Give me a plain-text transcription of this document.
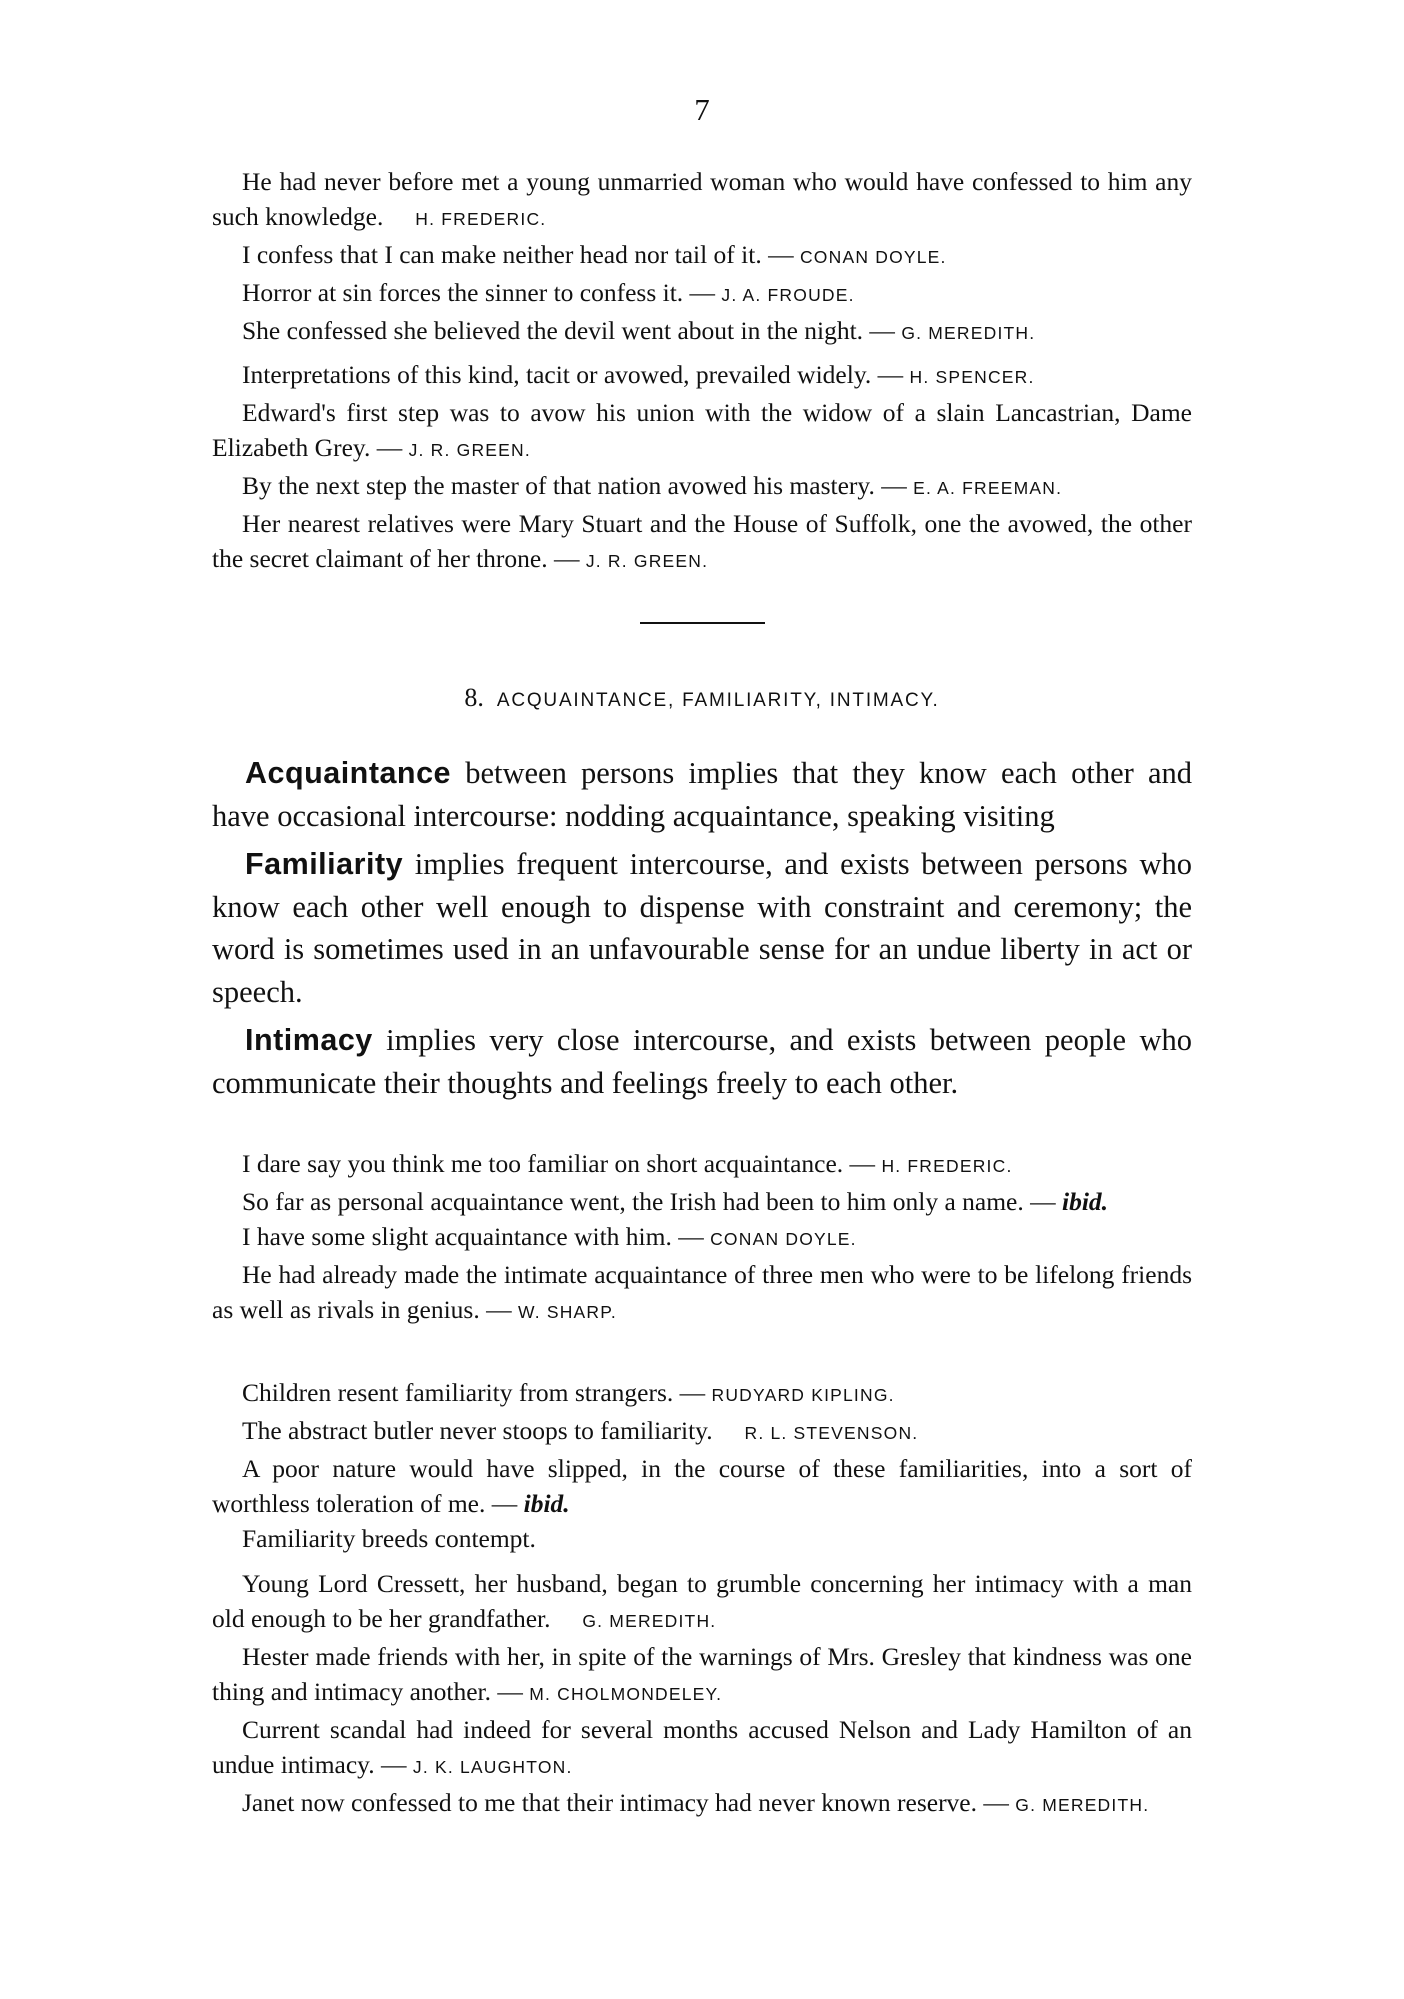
7

He had never before met a young unmarried woman who would have confessed to him any such knowledge. H. FREDERIC.

I confess that I can make neither head nor tail of it. — CONAN DOYLE.

Horror at sin forces the sinner to confess it. — J. A. FROUDE.

She confessed she believed the devil went about in the night. — G. MEREDITH.

Interpretations of this kind, tacit or avowed, prevailed widely. — H. SPENCER.

Edward's first step was to avow his union with the widow of a slain Lancastrian, Dame Elizabeth Grey. — J. R. GREEN.

By the next step the master of that nation avowed his mastery. — E. A. FREEMAN.

Her nearest relatives were Mary Stuart and the House of Suffolk, one the avowed, the other the secret claimant of her throne. — J. R. GREEN.

8. ACQUAINTANCE, FAMILIARITY, INTIMACY.

Acquaintance between persons implies that they know each other and have occasional intercourse: nodding acquaintance, speaking visiting

Familiarity implies frequent intercourse, and exists between persons who know each other well enough to dispense with constraint and ceremony; the word is sometimes used in an unfavourable sense for an undue liberty in act or speech.

Intimacy implies very close intercourse, and exists between people who communicate their thoughts and feelings freely to each other.

I dare say you think me too familiar on short acquaintance. — H. FREDERIC.

So far as personal acquaintance went, the Irish had been to him only a name. — ibid.

I have some slight acquaintance with him. — CONAN DOYLE.

He had already made the intimate acquaintance of three men who were to be lifelong friends as well as rivals in genius. — W. SHARP.

Children resent familiarity from strangers. — RUDYARD KIPLING.

The abstract butler never stoops to familiarity. R. L. STEVENSON.

A poor nature would have slipped, in the course of these familiarities, into a sort of worthless toleration of me. — ibid.

Familiarity breeds contempt.

Young Lord Cressett, her husband, began to grumble concerning her intimacy with a man old enough to be her grandfather. G. MEREDITH.

Hester made friends with her, in spite of the warnings of Mrs. Gresley that kindness was one thing and intimacy another. — M. CHOLMONDELEY.

Current scandal had indeed for several months accused Nelson and Lady Hamilton of an undue intimacy. — J. K. LAUGHTON.

Janet now confessed to me that their intimacy had never known reserve. — G. MEREDITH.
